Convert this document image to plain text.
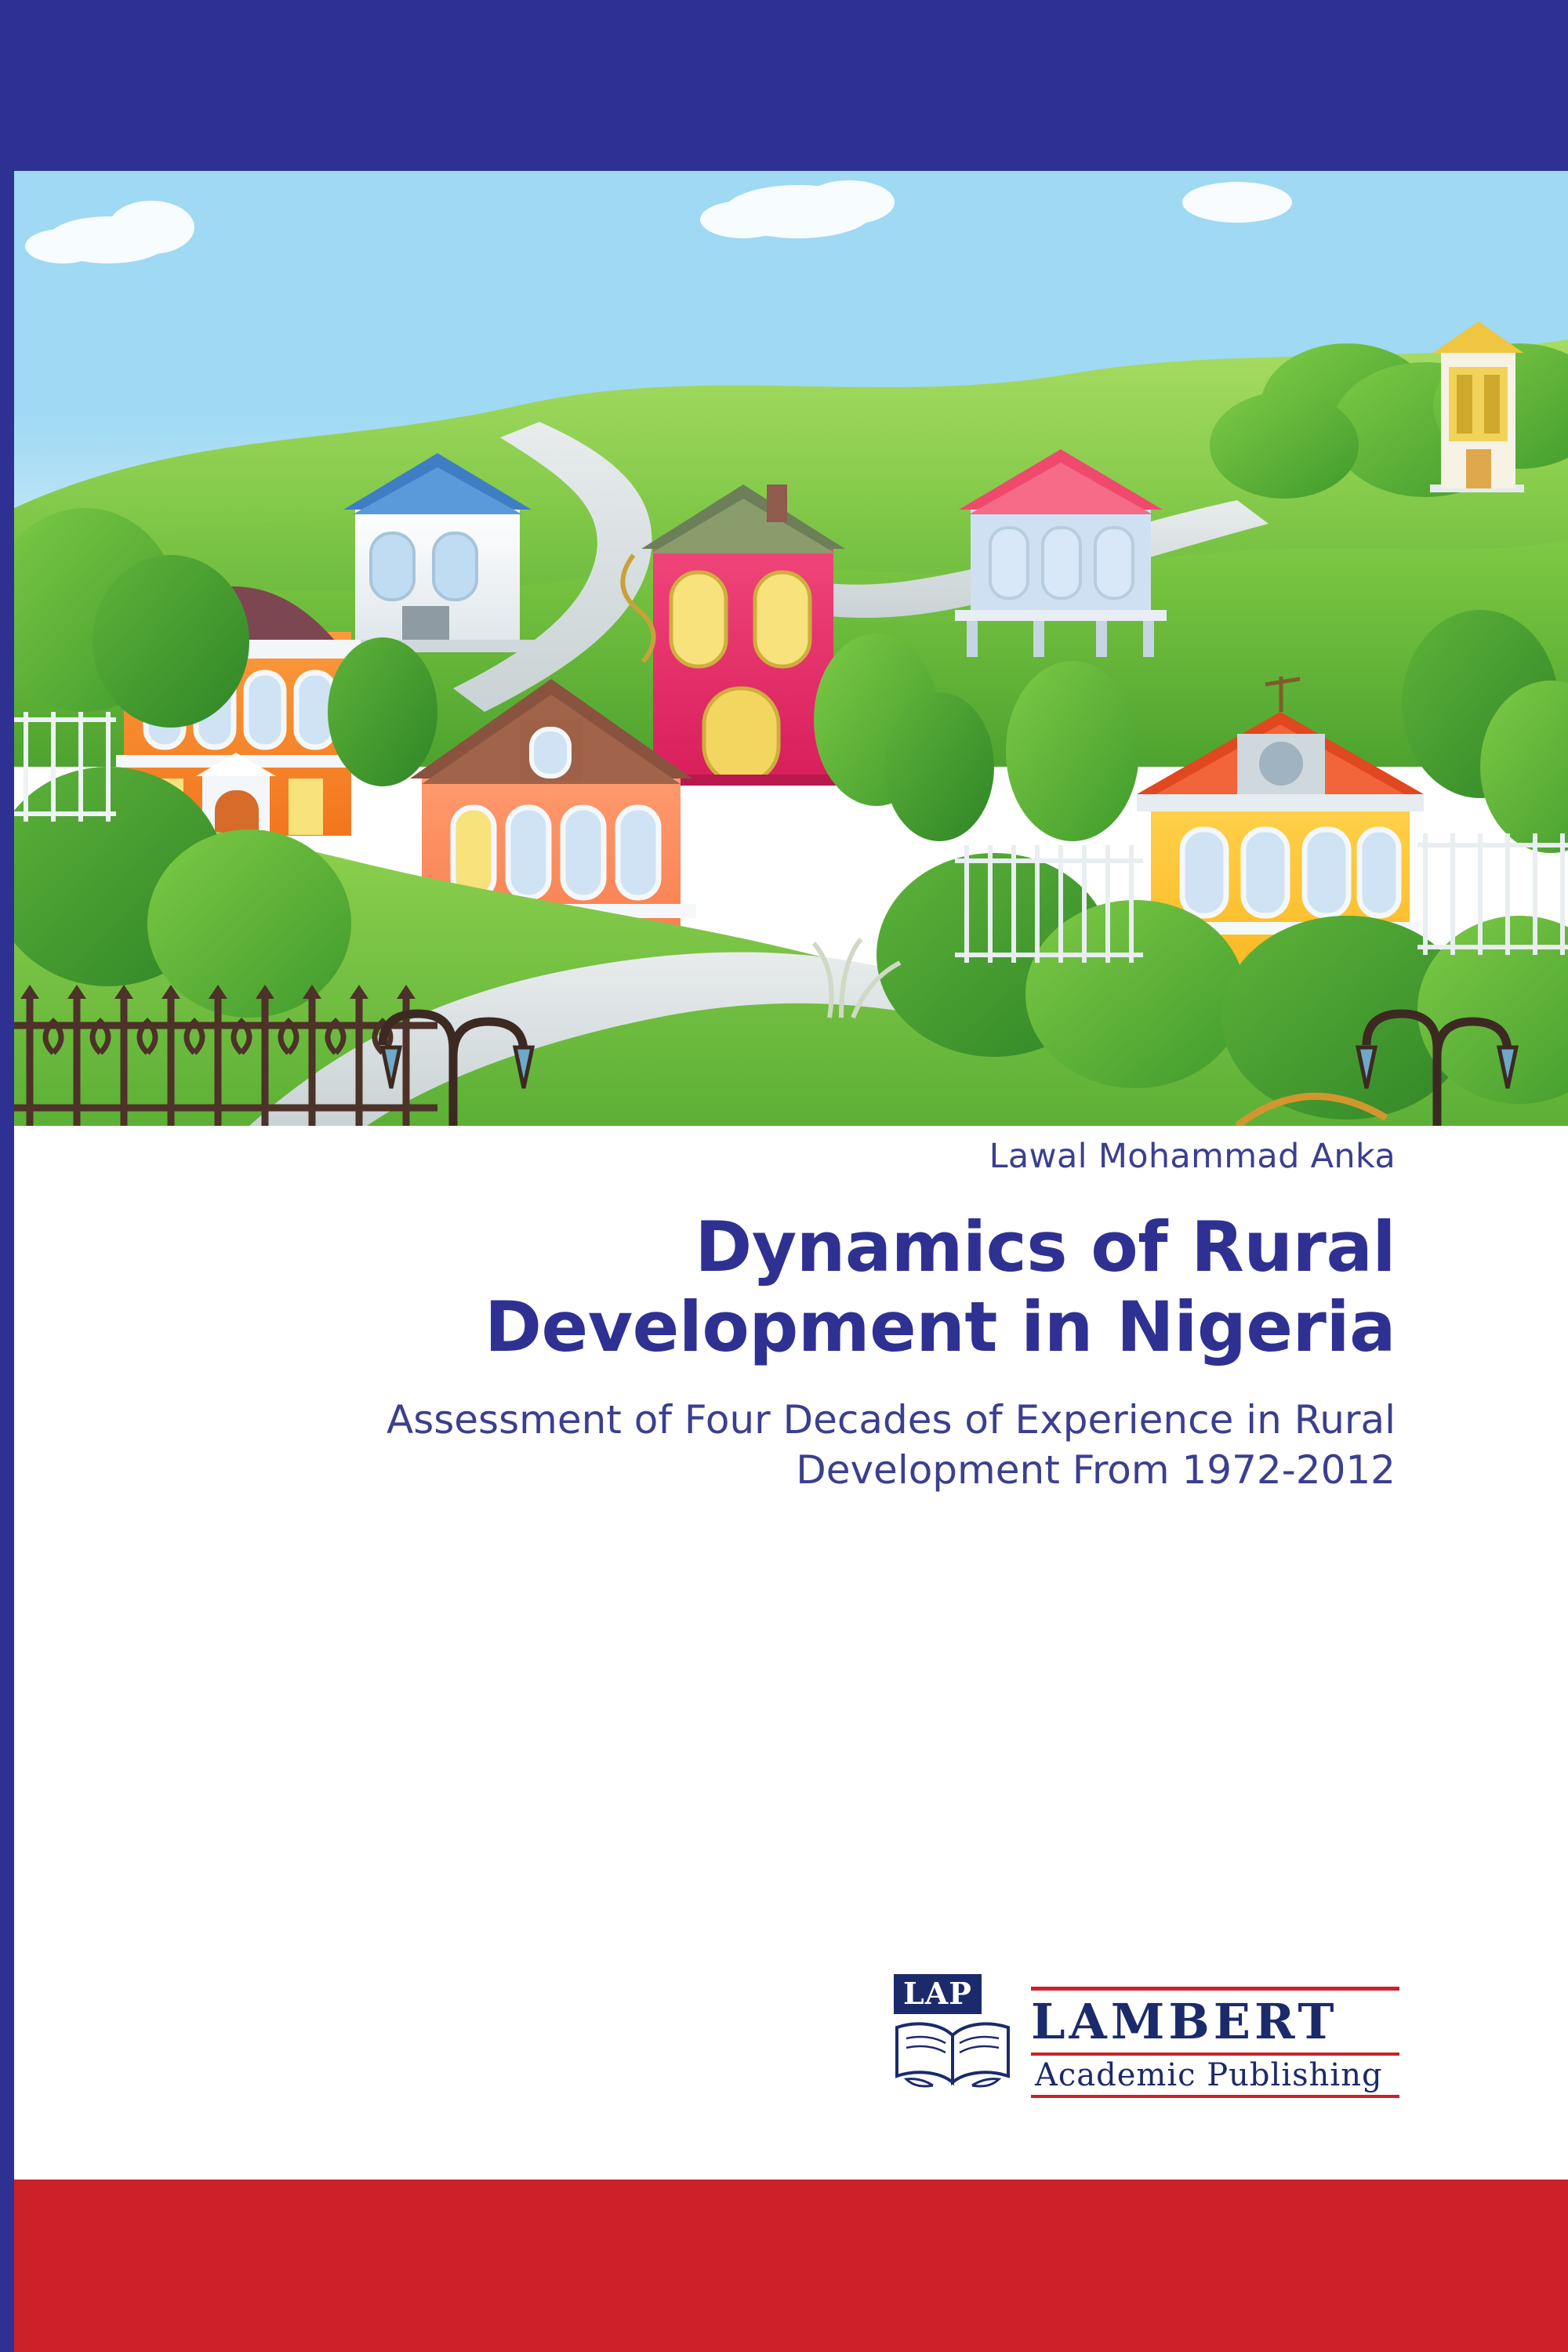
Lawal Mohammad Anka

Dynamics of Rural
Development in Nigeria

Assessment of Four Decades of Experience in Rural
Development From 1972-2012

LAP LAMBERT
Academic Publishing
